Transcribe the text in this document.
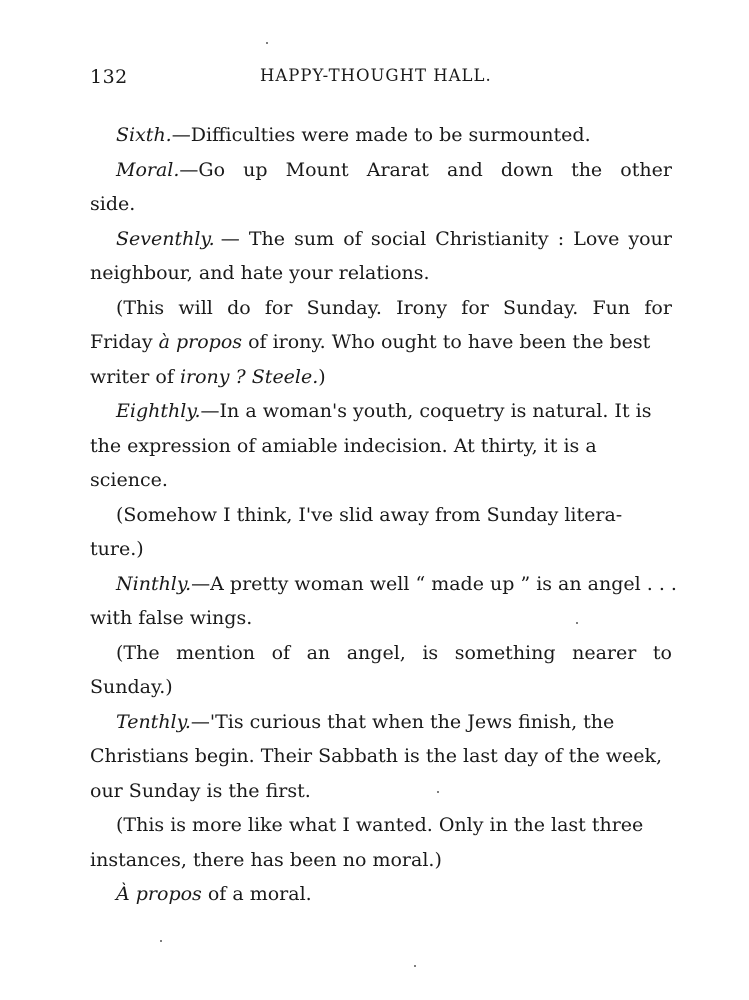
132	HAPPY-THOUGHT HALL.
Sixth.—Difficulties were made to be surmounted.
Moral.—Go up Mount Ararat and down the other
side.
Seventhly. — The sum of social Christianity : Love your
neighbour, and hate your relations.
(This will do for Sunday. Irony for Sunday. Fun for
Friday à propos of irony. Who ought to have been the best
writer of irony ? Steele.)
Eighthly.—In a woman's youth, coquetry is natural. It is
the expression of amiable indecision. At thirty, it is a
science.
(Somehow I think, I've slid away from Sunday litera-
ture.)
Ninthly.—A pretty woman well “ made up ” is an angel . . .
with false wings.
(The mention of an angel, is something nearer to
Sunday.)
Tenthly.—'Tis curious that when the Jews finish, the
Christians begin. Their Sabbath is the last day of the week,
our Sunday is the first.
(This is more like what I wanted. Only in the last three
instances, there has been no moral.)
À propos of a moral.
